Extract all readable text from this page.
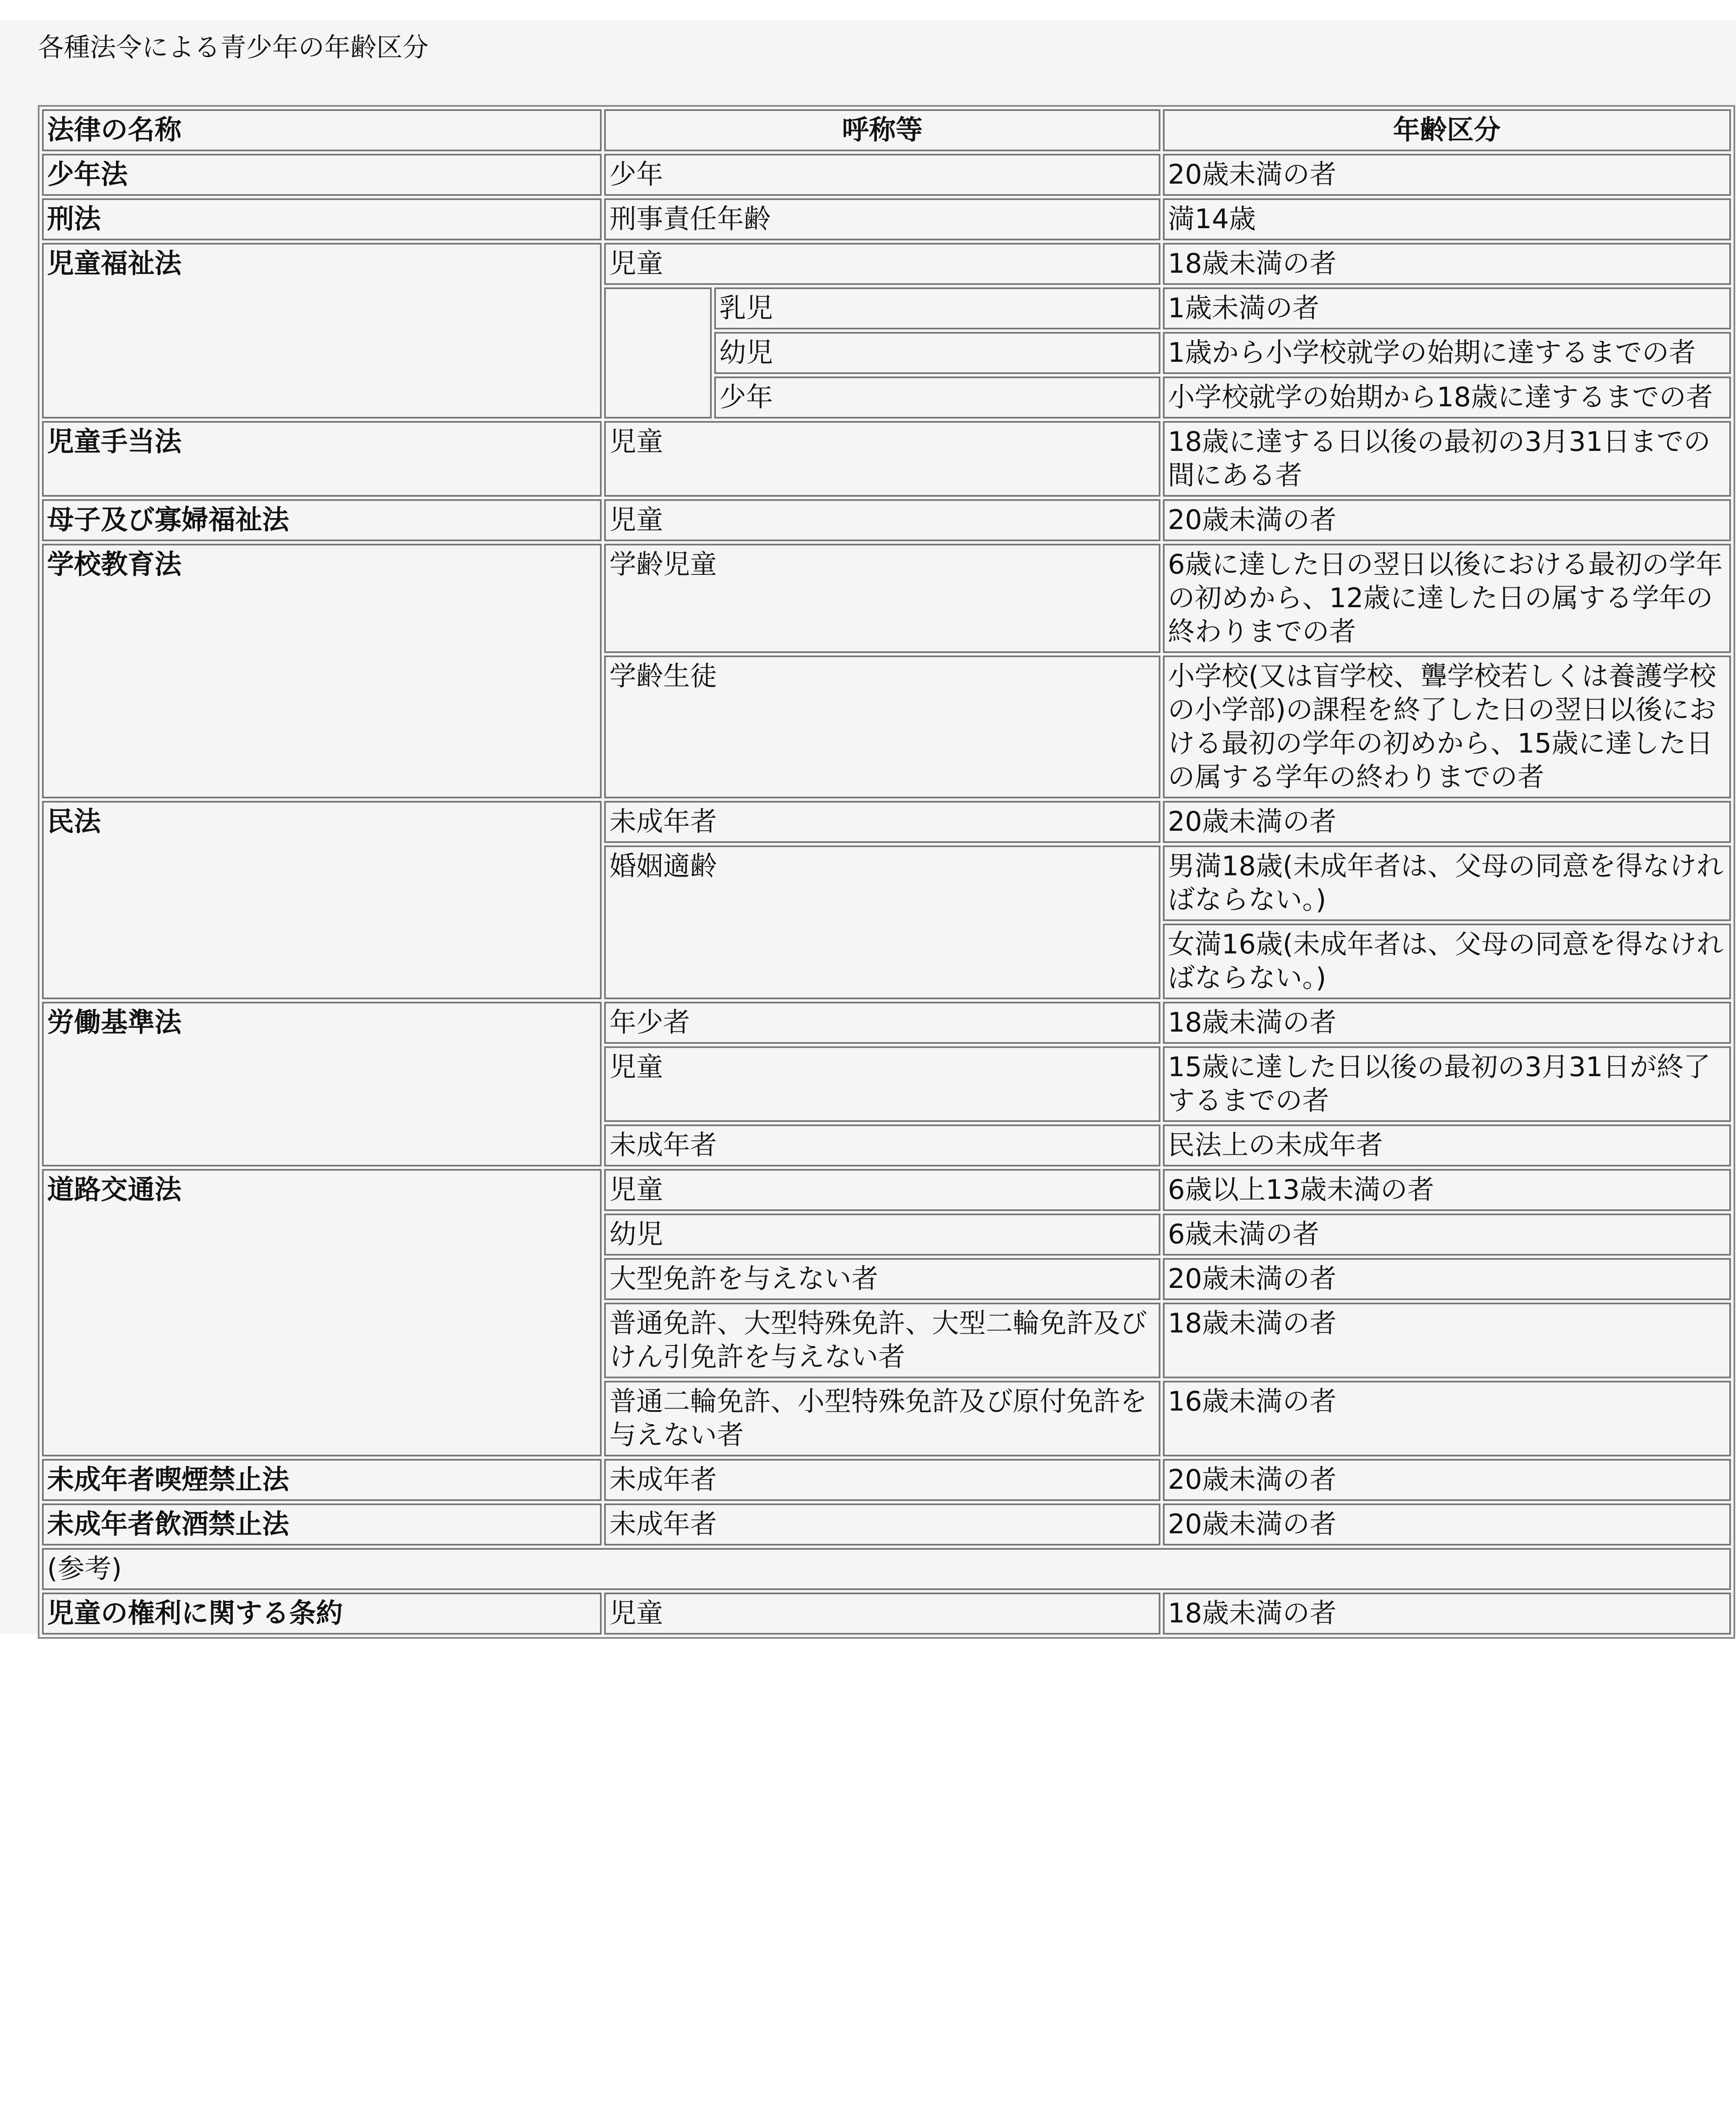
各種法令による青少年の年齢区分
法律の名称	呼称等		年齢区分
少年法	少年		20歳未満の者
刑法	刑事責任年齢		満14歳
児童福祉法	児童		18歳未満の者
		乳児	1歳未満の者
		幼児	1歳から小学校就学の始期に達するまでの者
		少年	小学校就学の始期から18歳に達するまでの者
児童手当法	児童		18歳に達する日以後の最初の3月31日までの間にある者
母子及び寡婦福祉法	児童		20歳未満の者
学校教育法	学齢児童		6歳に達した日の翌日以後における最初の学年の初めから、12歳に達した日の属する学年の終わりまでの者
	学齢生徒		小学校(又は盲学校、聾学校若しくは養護学校の小学部)の課程を終了した日の翌日以後における最初の学年の初めから、15歳に達した日の属する学年の終わりまでの者
民法	未成年者		20歳未満の者
	婚姻適齢		男満18歳(未成年者は、父母の同意を得なければならない。)
			女満16歳(未成年者は、父母の同意を得なければならない。)
労働基準法	年少者		18歳未満の者
	児童		15歳に達した日以後の最初の3月31日が終了するまでの者
	未成年者		民法上の未成年者
道路交通法	児童		6歳以上13歳未満の者
	幼児		6歳未満の者
	大型免許を与えない者		20歳未満の者
	普通免許、大型特殊免許、大型二輪免許及びけん引免許を与えない者		18歳未満の者
	普通二輪免許、小型特殊免許及び原付免許を与えない者		16歳未満の者
未成年者喫煙禁止法	未成年者		20歳未満の者
未成年者飲酒禁止法	未成年者		20歳未満の者
(参考)			
児童の権利に関する条約	児童		18歳未満の者
